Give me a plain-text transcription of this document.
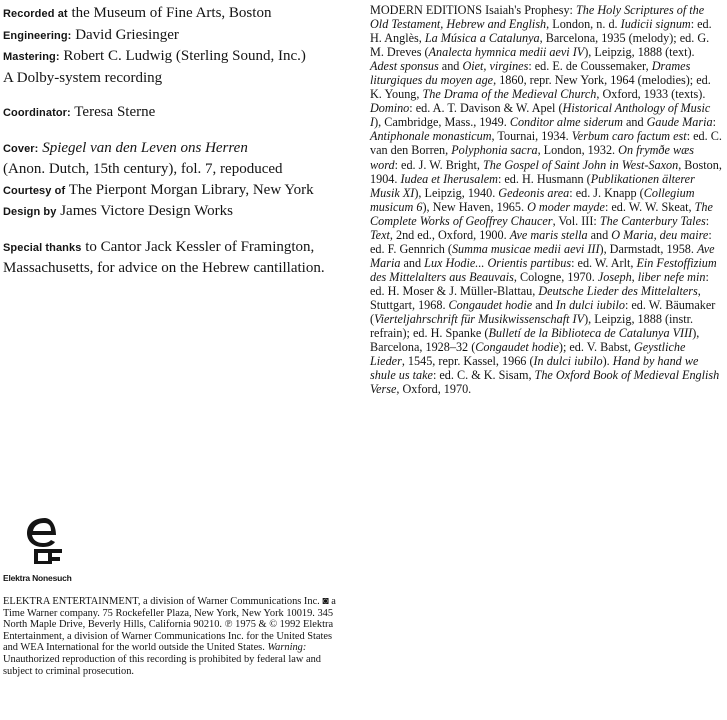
Recorded at the Museum of Fine Arts, Boston

Engineering: David Griesinger

Mastering: Robert C. Ludwig (Sterling Sound, Inc.)

A Dolby-system recording

Coordinator: Teresa Sterne

Cover: Spiegel van den Leven ons Herren

(Anon. Dutch, 15th century), fol. 7, repoduced

Courtesy of The Pierpont Morgan Library, New York

Design by James Victore Design Works

Special thanks to Cantor Jack Kessler of Framington, Massachusetts, for advice on the Hebrew cantillation.

MODERN EDITIONS Isaiah's Prophesy: The Holy Scriptures of the Old Testament, Hebrew and English, London, n. d. Iudicii signum: ed. H. Anglès, La Música a Catalunya, Barcelona, 1935 (melody); ed. G. M. Dreves (Analecta hymnica medii aevi IV), Leipzig, 1888 (text). Adest sponsus and Oiet, virgines: ed. E. de Coussemaker, Drames liturgiques du moyen age, 1860, repr. New York, 1964 (melodies); ed. K. Young, The Drama of the Medieval Church, Oxford, 1933 (texts). Domino: ed. A. T. Davison & W. Apel (Historical Anthology of Music I), Cambridge, Mass., 1949. Conditor alme siderum and Gaude Maria: Antiphonale monasticum, Tournai, 1934. Verbum caro factum est: ed. C. van den Borren, Polyphonia sacra, London, 1932. On frymðe wæs word: ed. J. W. Bright, The Gospel of Saint John in West-Saxon, Boston, 1904. Iudea et Iherusalem: ed. H. Husmann (Publikationen älterer Musik XI), Leipzig, 1940. Gedeonis area: ed. J. Knapp (Collegium musicum 6), New Haven, 1965. O moder mayde: ed. W. W. Skeat, The Complete Works of Geoffrey Chaucer, Vol. III: The Canterbury Tales: Text, 2nd ed., Oxford, 1900. Ave maris stella and O Maria, deu maire: ed. F. Gennrich (Summa musicae medii aevi III), Darmstadt, 1958. Ave Maria and Lux Hodie... Orientis partibus: ed. W. Arlt, Ein Festoffizium des Mittelalters aus Beauvais, Cologne, 1970. Joseph, liber nefe min: ed. H. Moser & J. Müller-Blattau, Deutsche Lieder des Mittelalters, Stuttgart, 1968. Congaudet hodie and In dulci iubilo: ed. W. Bäumaker (Vierteljahrschrift für Musikwissenschaft IV), Leipzig, 1888 (instr. refrain); ed. H. Spanke (Bulletí de la Biblioteca de Catalunya VIII), Barcelona, 1928–32 (Congaudet hodie); ed. V. Babst, Geystliche Lieder, 1545, repr. Kassel, 1966 (In dulci iubilo). Hand by hand we shule us take: ed. C. & K. Sisam, The Oxford Book of Medieval English Verse, Oxford, 1970.
Elektra Nonesuch
ELEKTRA ENTERTAINMENT, a division of Warner Communications Inc. ◙ a Time Warner company. 75 Rockefeller Plaza, New York, New York 10019. 345 North Maple Drive, Beverly Hills, California 90210. ℗ 1975 & © 1992 Elektra Entertainment, a division of Warner Communications Inc. for the United States and WEA International for the world outside the United States. Warning: Unauthorized reproduction of this recording is prohibited by federal law and subject to criminal prosecution.
